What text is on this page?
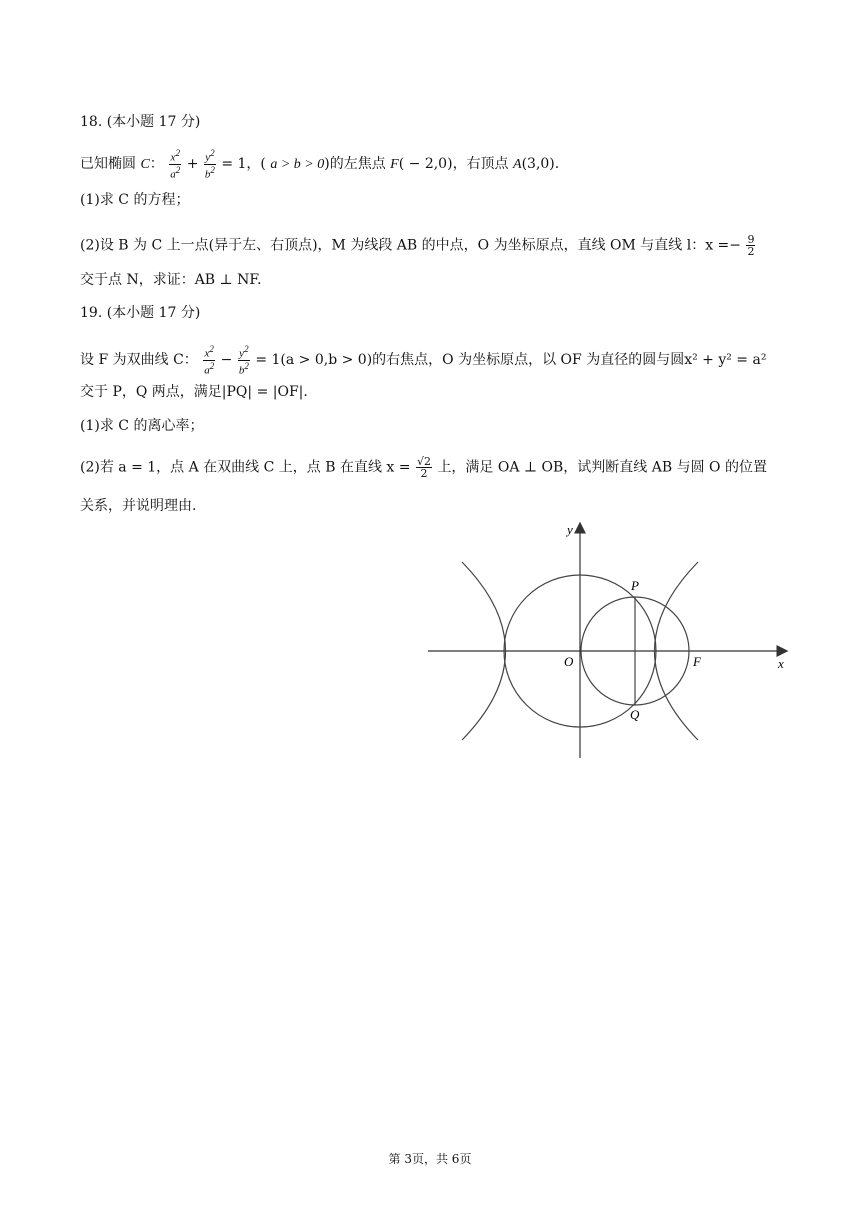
18. (本小题 17 分)
已知椭圆 C： $\frac{x^2}{a^2} + \frac{y^2}{b^2} = 1$，( a > b > 0)的左焦点 F( − 2,0)，右顶点 A(3,0).
(1)求 C 的方程；
(2)设 B 为 C 上一点(异于左、右顶点)，M 为线段 AB 的中点，O 为坐标原点，直线 OM 与直线 l：$x =- \frac{9}{2}$
交于点 N，求证：AB ⊥ NF.
19. (本小题 17 分)
设 F 为双曲线 C： $\frac{x^2}{a^2} - \frac{y^2}{b^2} = 1(a > 0,b > 0)$的右焦点，O 为坐标原点，以 OF 为直径的圆与圆x² + y² = a²
交于 P，Q 两点，满足|PQ| = |OF|.
(1)求 C 的离心率；
(2)若 a = 1，点 A 在双曲线 C 上，点 B 在直线 $x = \frac{√2}{2}$ 上，满足 OA ⊥ OB，试判断直线 AB 与圆 O 的位置
关系，并说明理由.
y
x
O
P
Q
F
第 3页，共 6页
